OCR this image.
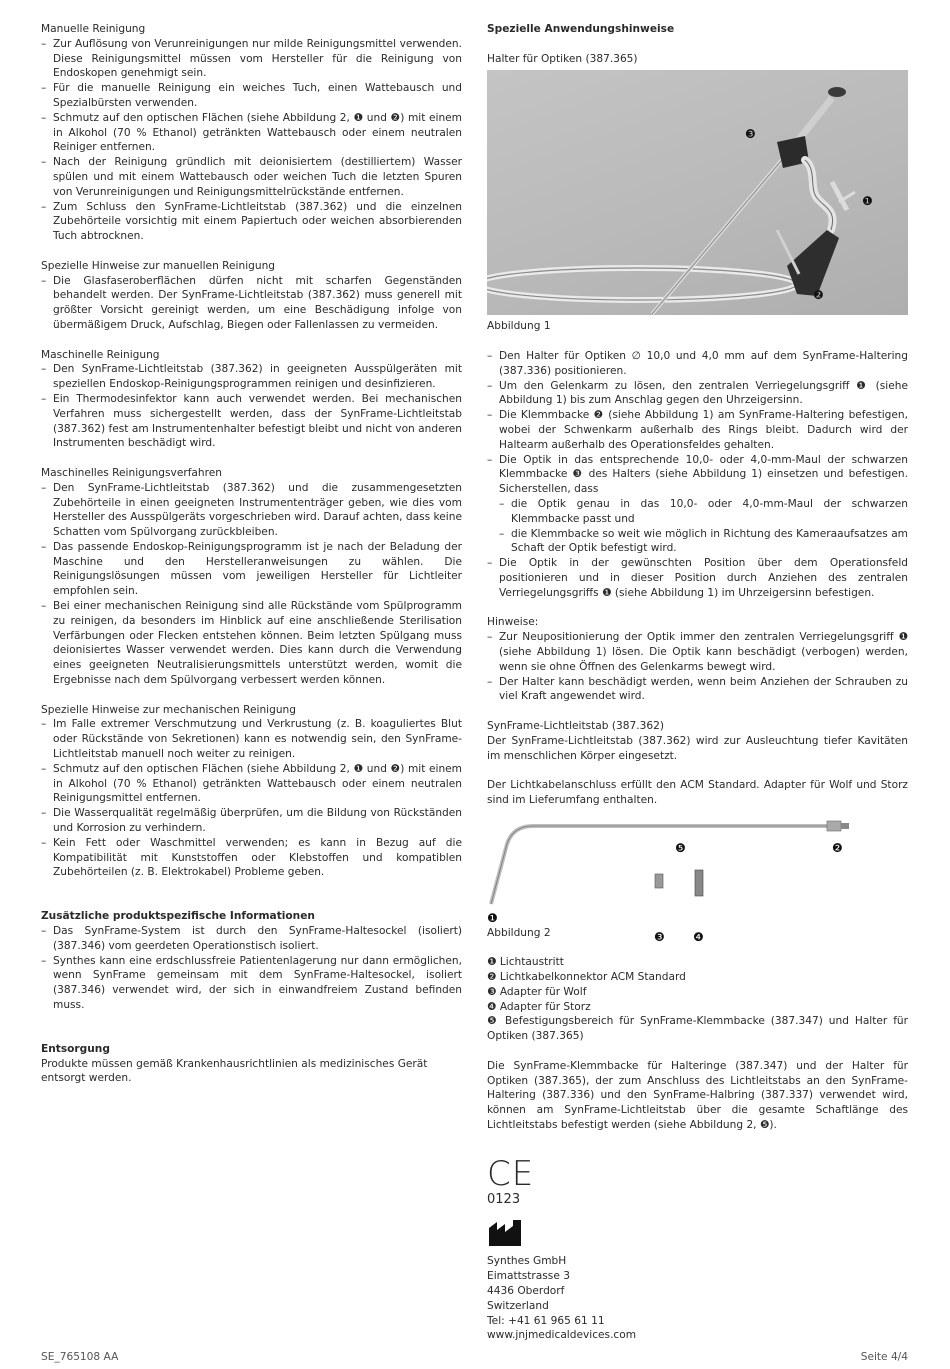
Manuelle Reinigung

– Zur Auflösung von Verunreinigungen nur milde Reinigungsmittel verwenden. Diese Reinigungsmittel müssen vom Hersteller für die Reinigung von Endoskopen genehmigt sein.
– Für die manuelle Reinigung ein weiches Tuch, einen Wattebausch und Spezialbürsten verwenden.
– Schmutz auf den optischen Flächen (siehe Abbildung 2, ❶ und ❷) mit einem in Alkohol (70 % Ethanol) getränkten Wattebausch oder einem neutralen Reiniger entfernen.
– Nach der Reinigung gründlich mit deionisiertem (destilliertem) Wasser spülen und mit einem Wattebausch oder weichen Tuch die letzten Spuren von Verunreinigungen und Reinigungsmittelrückstände entfernen.
– Zum Schluss den SynFrame-Lichtleitstab (387.362) und die einzelnen Zubehörteile vorsichtig mit einem Papiertuch oder weichen absorbierenden Tuch abtrocknen.

Spezielle Hinweise zur manuellen Reinigung

– Die Glasfaseroberflächen dürfen nicht mit scharfen Gegenständen behandelt werden. Der SynFrame-Lichtleitstab (387.362) muss generell mit größter Vorsicht gereinigt werden, um eine Beschädigung infolge von übermäßigem Druck, Aufschlag, Biegen oder Fallenlassen zu vermeiden.

Maschinelle Reinigung

– Den SynFrame-Lichtleitstab (387.362) in geeigneten Ausspülgeräten mit speziellen Endoskop-Reinigungsprogrammen reinigen und desinfizieren.
– Ein Thermodesinfektor kann auch verwendet werden. Bei mechanischen Verfahren muss sichergestellt werden, dass der SynFrame-Lichtleitstab (387.362) fest am Instrumentenhalter befestigt bleibt und nicht von anderen Instrumenten beschädigt wird.

Maschinelles Reinigungsverfahren

– Den SynFrame-Lichtleitstab (387.362) und die zusammengesetzten Zubehörteile in einen geeigneten Instrumententräger geben, wie dies vom Hersteller des Ausspülgeräts vorgeschrieben wird. Darauf achten, dass keine Schatten vom Spülvorgang zurückbleiben.
– Das passende Endoskop-Reinigungsprogramm ist je nach der Beladung der Maschine und den Herstelleranweisungen zu wählen. Die Reinigungslösungen müssen vom jeweiligen Hersteller für Lichtleiter empfohlen sein.
– Bei einer mechanischen Reinigung sind alle Rückstände vom Spülprogramm zu reinigen, da besonders im Hinblick auf eine anschließende Sterilisation Verfärbungen oder Flecken entstehen können. Beim letzten Spülgang muss deionisiertes Wasser verwendet werden. Dies kann durch die Verwendung eines geeigneten Neutralisierungsmittels unterstützt werden, womit die Ergebnisse nach dem Spülvorgang verbessert werden können.

Spezielle Hinweise zur mechanischen Reinigung

– Im Falle extremer Verschmutzung und Verkrustung (z. B. koaguliertes Blut oder Rückstände von Sekretionen) kann es notwendig sein, den SynFrame-Lichtleitstab manuell noch weiter zu reinigen.
– Schmutz auf den optischen Flächen (siehe Abbildung 2, ❶ und ❷) mit einem in Alkohol (70 % Ethanol) getränkten Wattebausch oder einem neutralen Reinigungsmittel entfernen.
– Die Wasserqualität regelmäßig überprüfen, um die Bildung von Rückständen und Korrosion zu verhindern.
– Kein Fett oder Waschmittel verwenden; es kann in Bezug auf die Kompatibilität mit Kunststoffen oder Klebstoffen und kompatiblen Zubehörteilen (z. B. Elektrokabel) Probleme geben.

Zusätzliche produktspezifische Informationen

– Das SynFrame-System ist durch den SynFrame-Haltesockel (isoliert) (387.346) vom geerdeten Operationstisch isoliert.
– Synthes kann eine erdschlussfreie Patientenlagerung nur dann ermöglichen, wenn SynFrame gemeinsam mit dem SynFrame-Haltesockel, isoliert (387.346) verwendet wird, der sich in einwandfreiem Zustand befinden muss.

Entsorgung

Produkte müssen gemäß Krankenhausrichtlinien als medizinisches Gerät entsorgt werden.

Spezielle Anwendungshinweise

Halter für Optiken (387.365)

❸
❶
❷

Abbildung 1

– Den Halter für Optiken ∅ 10,0 und 4,0 mm auf dem SynFrame-Haltering (387.336) positionieren.
– Um den Gelenkarm zu lösen, den zentralen Verriegelungsgriff ❶ (siehe Abbildung 1) bis zum Anschlag gegen den Uhrzeigersinn.
– Die Klemmbacke ❷ (siehe Abbildung 1) am SynFrame-Haltering befestigen, wobei der Schwenkarm außerhalb des Rings bleibt. Dadurch wird der Haltearm außerhalb des Operationsfeldes gehalten.
– Die Optik in das entsprechende 10,0- oder 4,0-mm-Maul der schwarzen Klemmbacke ❸ des Halters (siehe Abbildung 1) einsetzen und befestigen. Sicherstellen, dass
– die Optik genau in das 10,0- oder 4,0-mm-Maul der schwarzen Klemmbacke passt und
– die Klemmbacke so weit wie möglich in Richtung des Kameraaufsatzes am Schaft der Optik befestigt wird.
– Die Optik in der gewünschten Position über dem Operationsfeld positionieren und in dieser Position durch Anziehen des zentralen Verriegelungsgriffs ❶ (siehe Abbildung 1) im Uhrzeigersinn befestigen.

Hinweise:

– Zur Neupositionierung der Optik immer den zentralen Verriegelungsgriff ❶ (siehe Abbildung 1) lösen. Die Optik kann beschädigt (verbogen) werden, wenn sie ohne Öffnen des Gelenkarms bewegt wird.
– Der Halter kann beschädigt werden, wenn beim Anziehen der Schrauben zu viel Kraft angewendet wird.

SynFrame-Lichtleitstab (387.362)

Der SynFrame-Lichtleitstab (387.362) wird zur Ausleuchtung tiefer Kavitäten im menschlichen Körper eingesetzt.

Der Lichtkabelanschluss erfüllt den ACM Standard. Adapter für Wolf und Storz sind im Lieferumfang enthalten.

❺	❷
❶
❸ ❹

Abbildung 2

❶ Lichtaustritt

❷ Lichtkabelkonnektor ACM Standard

❸ Adapter für Wolf

❹ Adapter für Storz

❺ Befestigungsbereich für SynFrame-Klemmbacke (387.347) und Halter für Optiken (387.365)

Die SynFrame-Klemmbacke für Halteringe (387.347) und der Halter für Optiken (387.365), der zum Anschluss des Lichtleitstabs an den SynFrame-Haltering (387.336) und den SynFrame-Halbring (387.337) verwendet wird, können am SynFrame-Lichtleitstab über die gesamte Schaftlänge des Lichtleitstabs befestigt werden (siehe Abbildung 2, ❺).

CE
0123

Synthes GmbH

Eimattstrasse 3

4436 Oberdorf

Switzerland

Tel: +41 61 965 61 11

www.jnjmedicaldevices.com

SE_765108 AA	Seite 4/4
